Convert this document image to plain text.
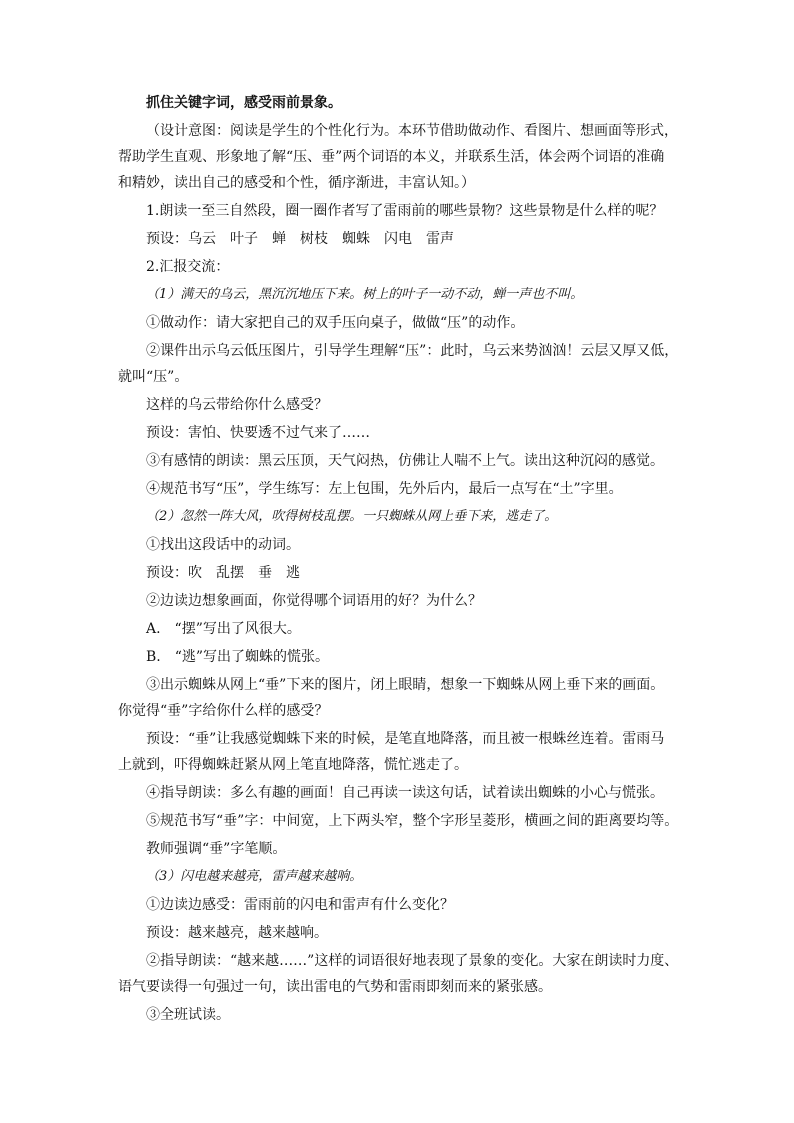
抓住关键字词，感受雨前景象。
（设计意图：阅读是学生的个性化行为。本环节借助做动作、看图片、想画面等形式，
帮助学生直观、形象地了解“压、垂”两个词语的本义，并联系生活，体会两个词语的准确
和精妙，读出自己的感受和个性，循序渐进，丰富认知。）
1.朗读一至三自然段，圈一圈作者写了雷雨前的哪些景物？这些景物是什么样的呢？
预设：乌云　叶子　蝉　树枝　蜘蛛　闪电　雷声
2.汇报交流：
（1）满天的乌云，黑沉沉地压下来。树上的叶子一动不动，蝉一声也不叫。
①做动作：请大家把自己的双手压向桌子，做做“压”的动作。
②课件出示乌云低压图片，引导学生理解“压”：此时，乌云来势汹汹！云层又厚又低，
就叫“压”。
这样的乌云带给你什么感受？
预设：害怕、快要透不过气来了……
③有感情的朗读：黑云压顶，天气闷热，仿佛让人喘不上气。读出这种沉闷的感觉。
④规范书写“压”，学生练写：左上包围，先外后内，最后一点写在“土”字里。
（2）忽然一阵大风，吹得树枝乱摆。一只蜘蛛从网上垂下来，逃走了。
①找出这段话中的动词。
预设：吹　乱摆　垂　逃
②边读边想象画面，你觉得哪个词语用的好？为什么？
A.　“摆”写出了风很大。
B.　“逃”写出了蜘蛛的慌张。
③出示蜘蛛从网上“垂”下来的图片，闭上眼睛，想象一下蜘蛛从网上垂下来的画面。
你觉得“垂”字给你什么样的感受？
预设：“垂”让我感觉蜘蛛下来的时候，是笔直地降落，而且被一根蛛丝连着。雷雨马
上就到，吓得蜘蛛赶紧从网上笔直地降落，慌忙逃走了。
④指导朗读：多么有趣的画面！自己再读一读这句话，试着读出蜘蛛的小心与慌张。
⑤规范书写“垂”字：中间宽，上下两头窄，整个字形呈菱形，横画之间的距离要均等。
教师强调“垂”字笔顺。
（3）闪电越来越亮，雷声越来越响。
①边读边感受：雷雨前的闪电和雷声有什么变化？
预设：越来越亮，越来越响。
②指导朗读：“越来越……”这样的词语很好地表现了景象的变化。大家在朗读时力度、
语气要读得一句强过一句，读出雷电的气势和雷雨即刻而来的紧张感。
③全班试读。
